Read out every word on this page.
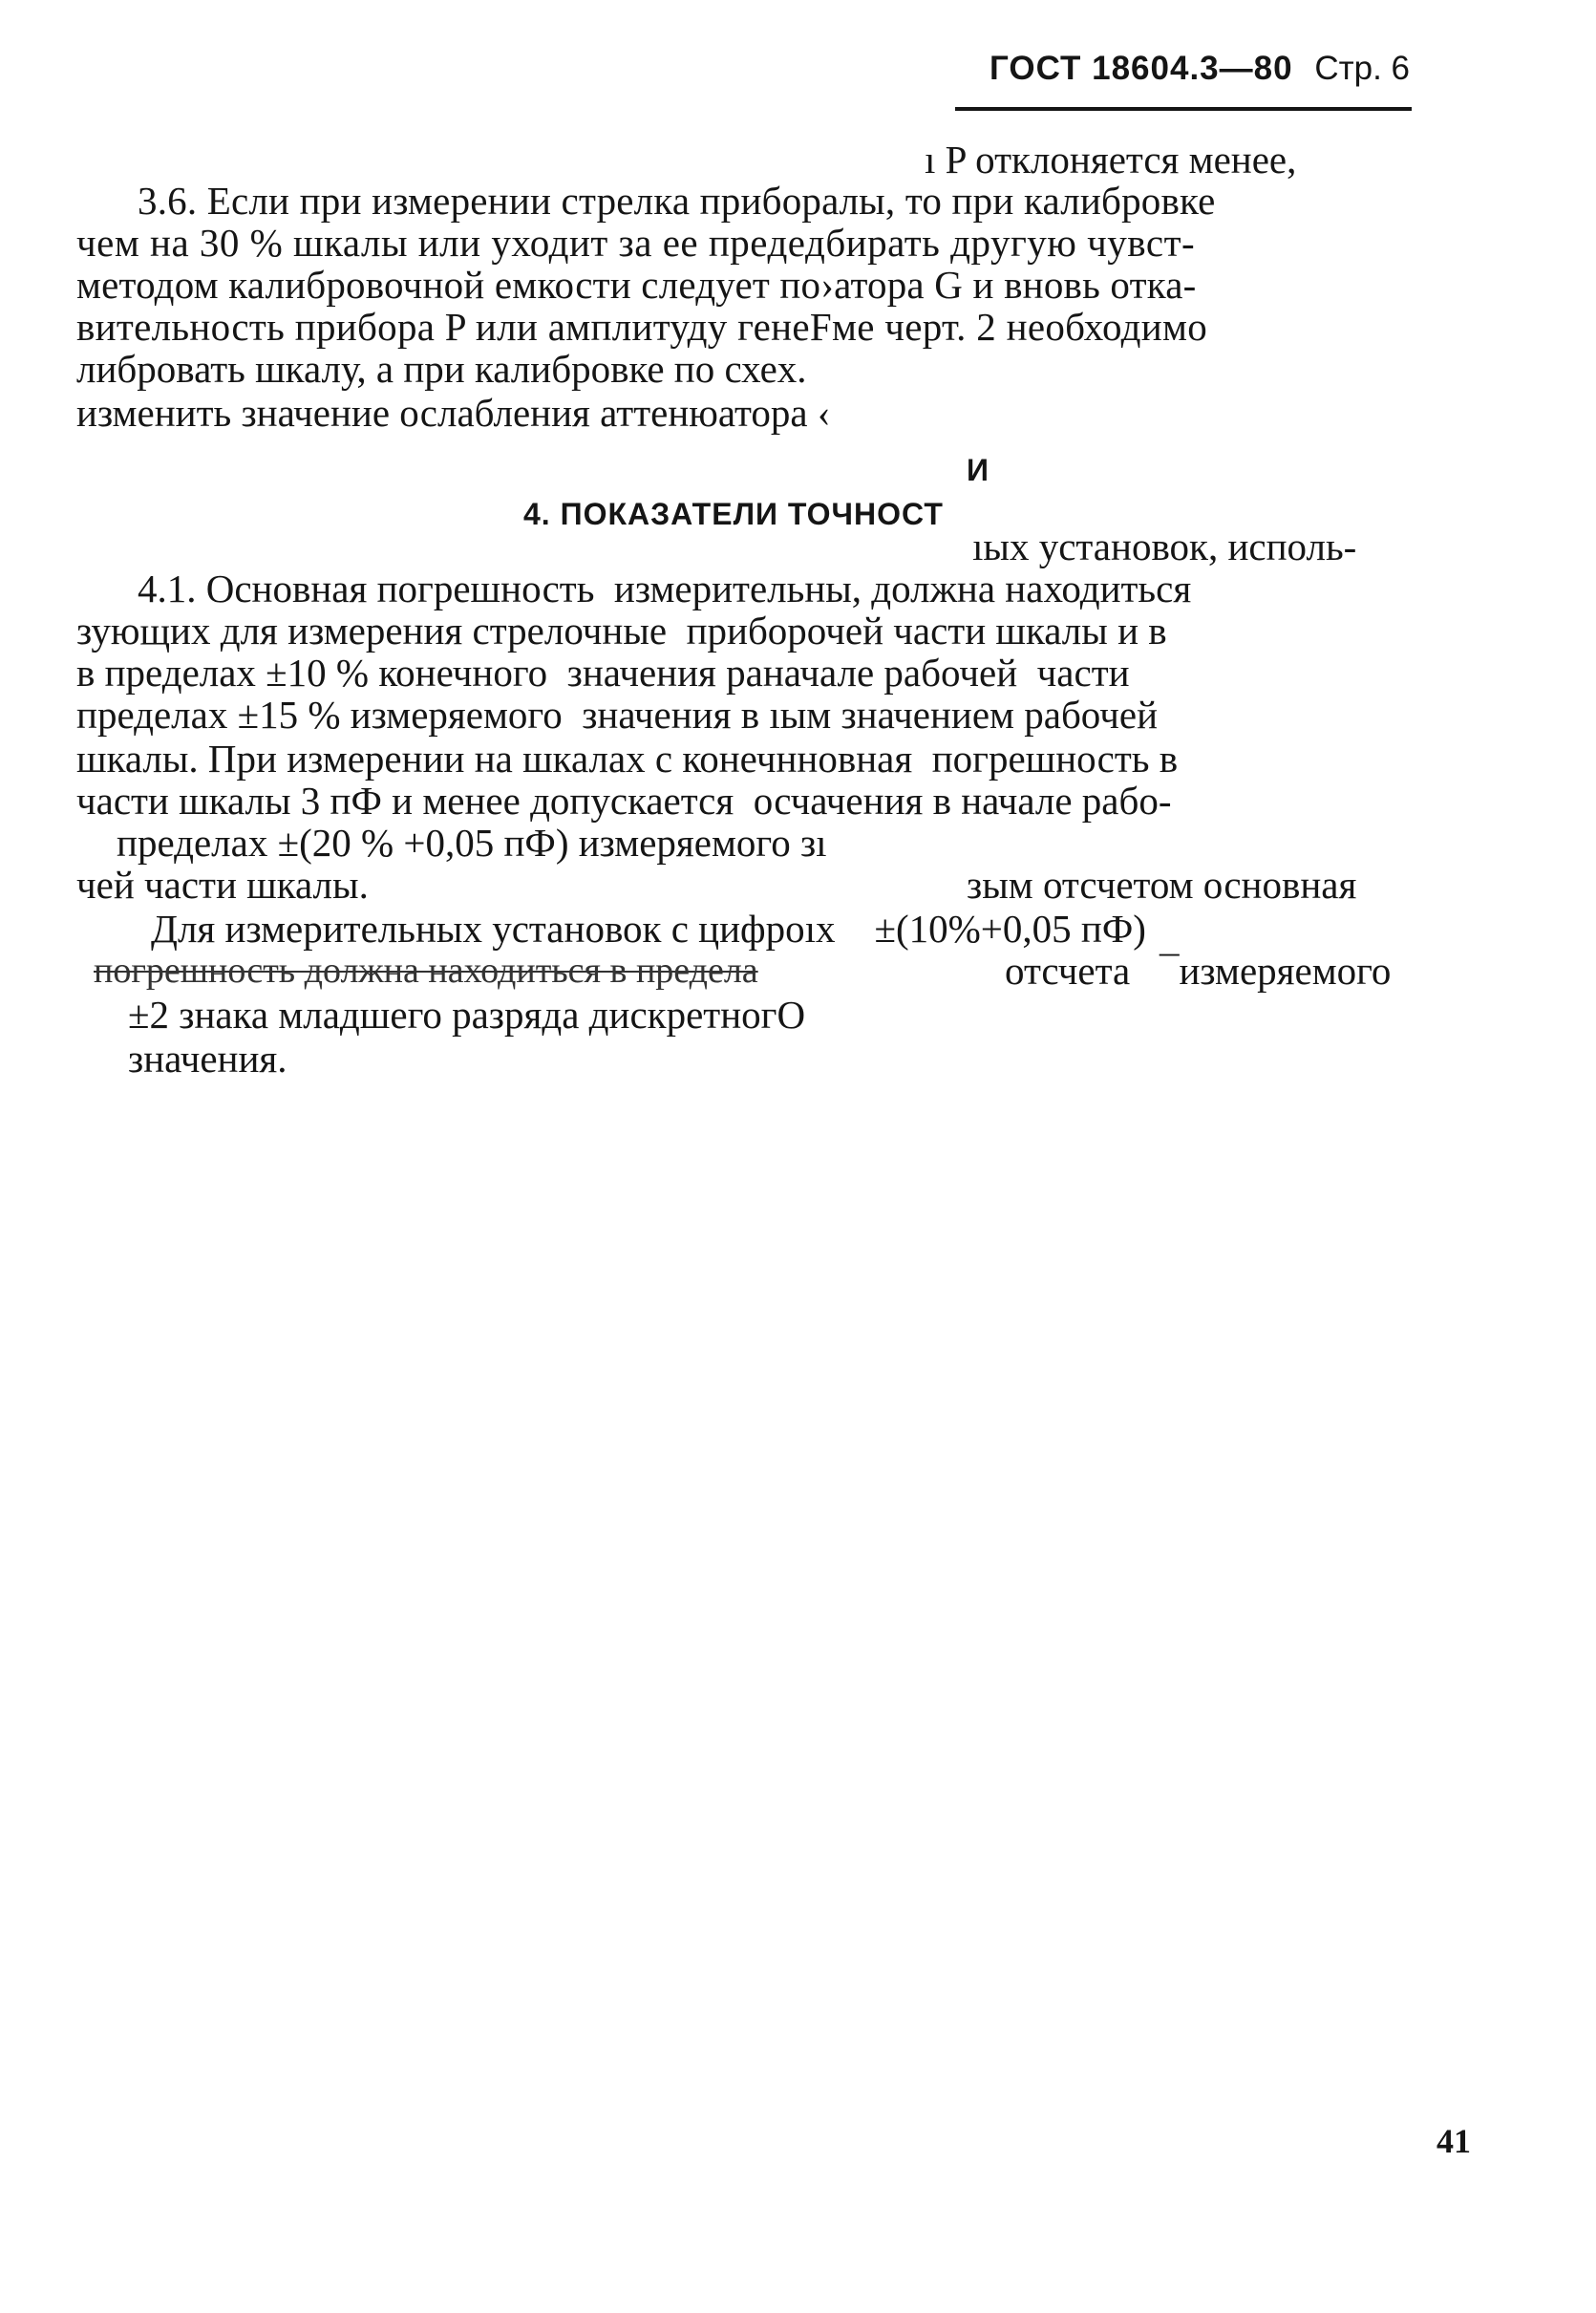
ГОСТ 18604.3—80 Стр. 6
ı P отклоняется менее,
3.6. Если при измерении стрелка приборaлы, то при калибровке
чем на 30 % шкалы или уходит за ее предедбирать другую чувст-
методом калибровочной емкости следует по›атора G и вновь отка-
вительность прибора P или амплитуду генеFме черт. 2 необходимо
либровать шкалу, а при калибровке по схеx.
изменить значение ослабления аттенюатора ‹
И
4. ПОКАЗАТЕЛИ ТОЧНОСТ
ıых установок, исполь-
4.1. Основная погрешность  измерительны, должна находиться
зующих для измерения стрелочные  приборочей части шкалы и в
в пределах ±10 % конечного  значения раначале рабочей  части
пределах ±15 % измеряемого  значения в ıым значением рабочей
шкалы. При измерении на шкалах с конечнновная  погрешность в
части шкалы 3 пФ и менее допускается  осчачения в начале рабо-
пределах ±(20 % +0,05 пФ) измеряемого зı
чей части шкалы.	зым отсчетом основная
Для измерительных установок с цифрoıх    ±(10%+0,05 пФ)
погрешность должна находиться в предела	отсчета   ¯измеряемого
±2 знака младшего разряда дискретногO
значения.
41
